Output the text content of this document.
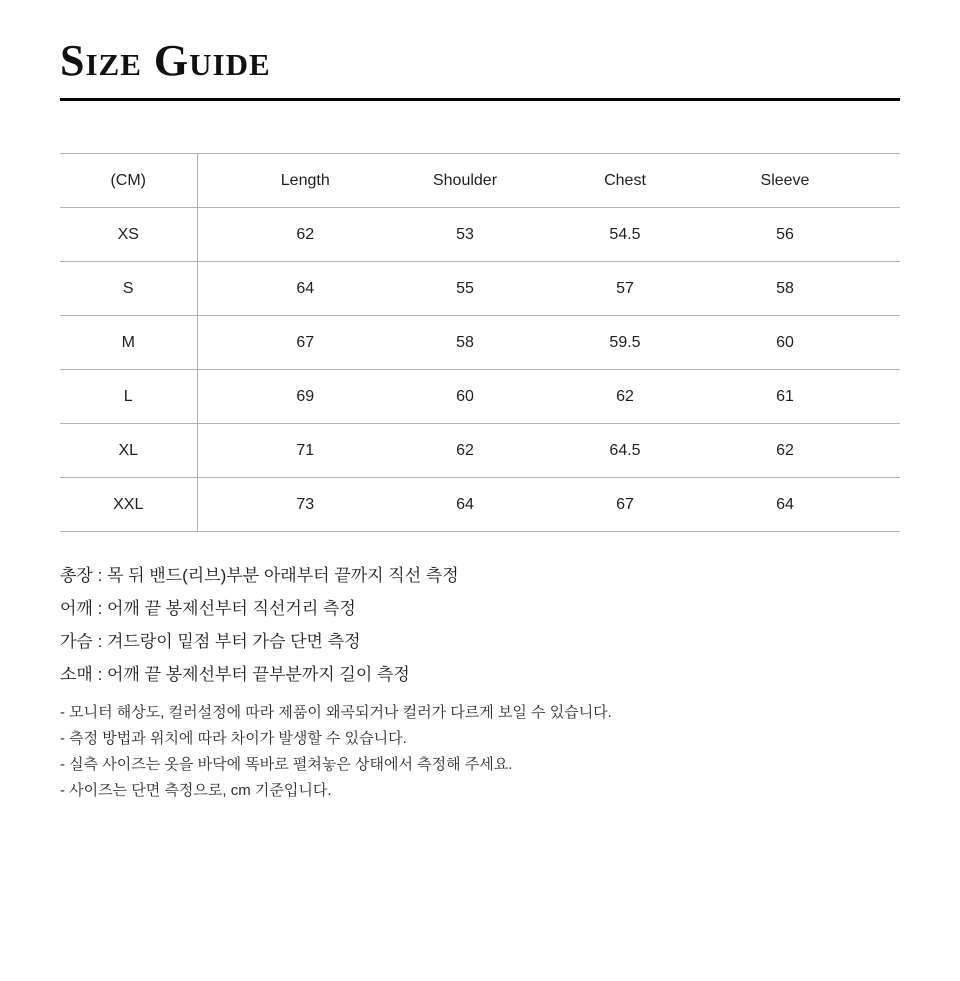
Size Guide
(CM)	Length	Shoulder	Chest	Sleeve
XS	62	53	54.5	56
S	64	55	57	58
M	67	58	59.5	60
L	69	60	62	61
XL	71	62	64.5	62
XXL	73	64	67	64

총장 : 목 뒤 밴드(리브)부분 아래부터 끝까지 직선 측정

어깨 : 어깨 끝 봉제선부터 직선거리 측정

가슴 : 겨드랑이 밑점 부터 가슴 단면 측정

소매 : 어깨 끝 봉제선부터 끝부분까지 길이 측정

- 모니터 해상도, 컬러설정에 따라 제품이 왜곡되거나 컬러가 다르게 보일 수 있습니다.

- 측정 방법과 위치에 따라 차이가 발생할 수 있습니다.

- 실측 사이즈는 옷을 바닥에 똑바로 펼쳐놓은 상태에서 측정해 주세요.

- 사이즈는 단면 측정으로, cm 기준입니다.
